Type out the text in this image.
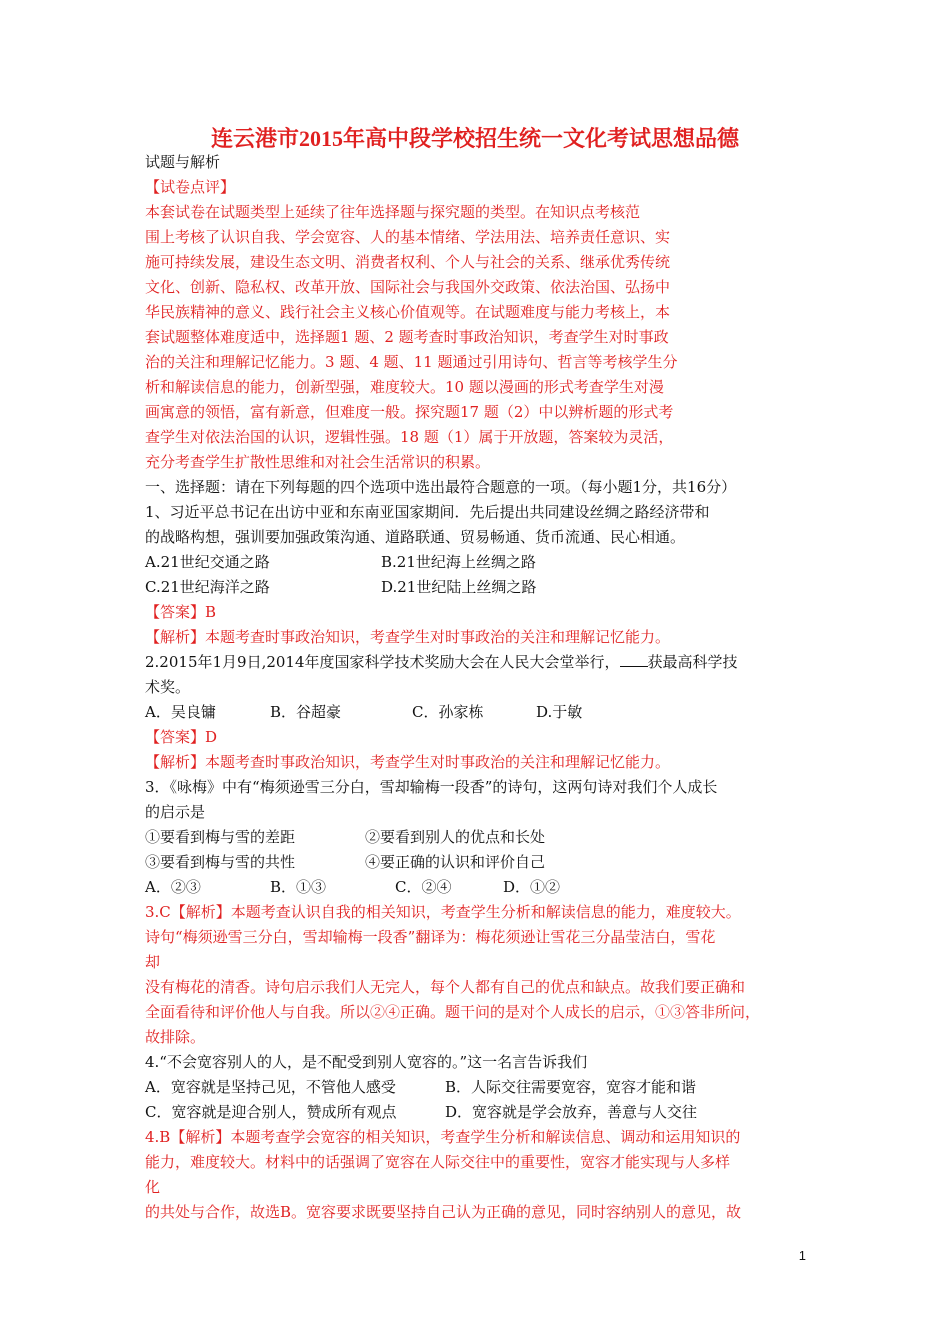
连云港市2015年高中段学校招生统一文化考试思想品德
试题与解析
【试卷点评】
本套试卷在试题类型上延续了往年选择题与探究题的类型。在知识点考核范
围上考核了认识自我、学会宽容、人的基本情绪、学法用法、培养责任意识、实
施可持续发展，建设生态文明、消费者权利、个人与社会的关系、继承优秀传统
文化、创新、隐私权、改革开放、国际社会与我国外交政策、依法治国、弘扬中
华民族精神的意义、践行社会主义核心价值观等。在试题难度与能力考核上，本
套试题整体难度适中，选择题1 题、2 题考查时事政治知识，考查学生对时事政
治的关注和理解记忆能力。3 题、4 题、11 题通过引用诗句、哲言等考核学生分
析和解读信息的能力，创新型强，难度较大。10 题以漫画的形式考查学生对漫
画寓意的领悟，富有新意，但难度一般。探究题17 题（2）中以辨析题的形式考
查学生对依法治国的认识，逻辑性强。18 题（1）属于开放题，答案较为灵活，
充分考查学生扩散性思维和对社会生活常识的积累。
一、选择题：请在下列每题的四个选项中选出最符合题意的一项。（每小题1分，共16分）
1、习近平总书记在出访中亚和东南亚国家期间．先后提出共同建设丝绸之路经济带和
的战略构想，强训要加强政策沟通、道路联通、贸易畅通、货币流通、民心相通。
A.21世纪交通之路	B.21世纪海上丝绸之路
C.21世纪海洋之路	D.21世纪陆上丝绸之路
【答案】B
【解析】本题考查时事政治知识，考查学生对时事政治的关注和理解记忆能力。
2.2015年1月9日,2014年度国家科学技术奖励大会在人民大会堂举行， 获最高科学技
术奖。
A．吴良镛	B．谷超豪	C．孙家栋	D.于敏
【答案】D
【解析】本题考查时事政治知识，考查学生对时事政治的关注和理解记忆能力。
3．《咏梅》中有“梅须逊雪三分白，雪却输梅一段香”的诗句，这两句诗对我们个人成长
的启示是
①要看到梅与雪的差距	②要看到别人的优点和长处
③要看到梅与雪的共性	④要正确的认识和评价自己
A．②③	B．①③	C．②④	D．①②
3.C【解析】本题考查认识自我的相关知识，考查学生分析和解读信息的能力，难度较大。
诗句“梅须逊雪三分白，雪却输梅一段香”翻译为：梅花须逊让雪花三分晶莹洁白，雪花
却
没有梅花的清香。诗句启示我们人无完人，每个人都有自己的优点和缺点。故我们要正确和
全面看待和评价他人与自我。所以②④正确。题干问的是对个人成长的启示，①③答非所问，
故排除。
4.“不会宽容别人的人，是不配受到别人宽容的。”这一名言告诉我们
A．宽容就是坚持己见，不管他人感受	B．人际交往需要宽容，宽容才能和谐
C．宽容就是迎合别人，赞成所有观点	D．宽容就是学会放弃，善意与人交往
4.B【解析】本题考查学会宽容的相关知识，考查学生分析和解读信息、调动和运用知识的
能力，难度较大。材料中的话强调了宽容在人际交往中的重要性，宽容才能实现与人多样
化
的共处与合作，故选B。宽容要求既要坚持自己认为正确的意见，同时容纳别人的意见，故
1
